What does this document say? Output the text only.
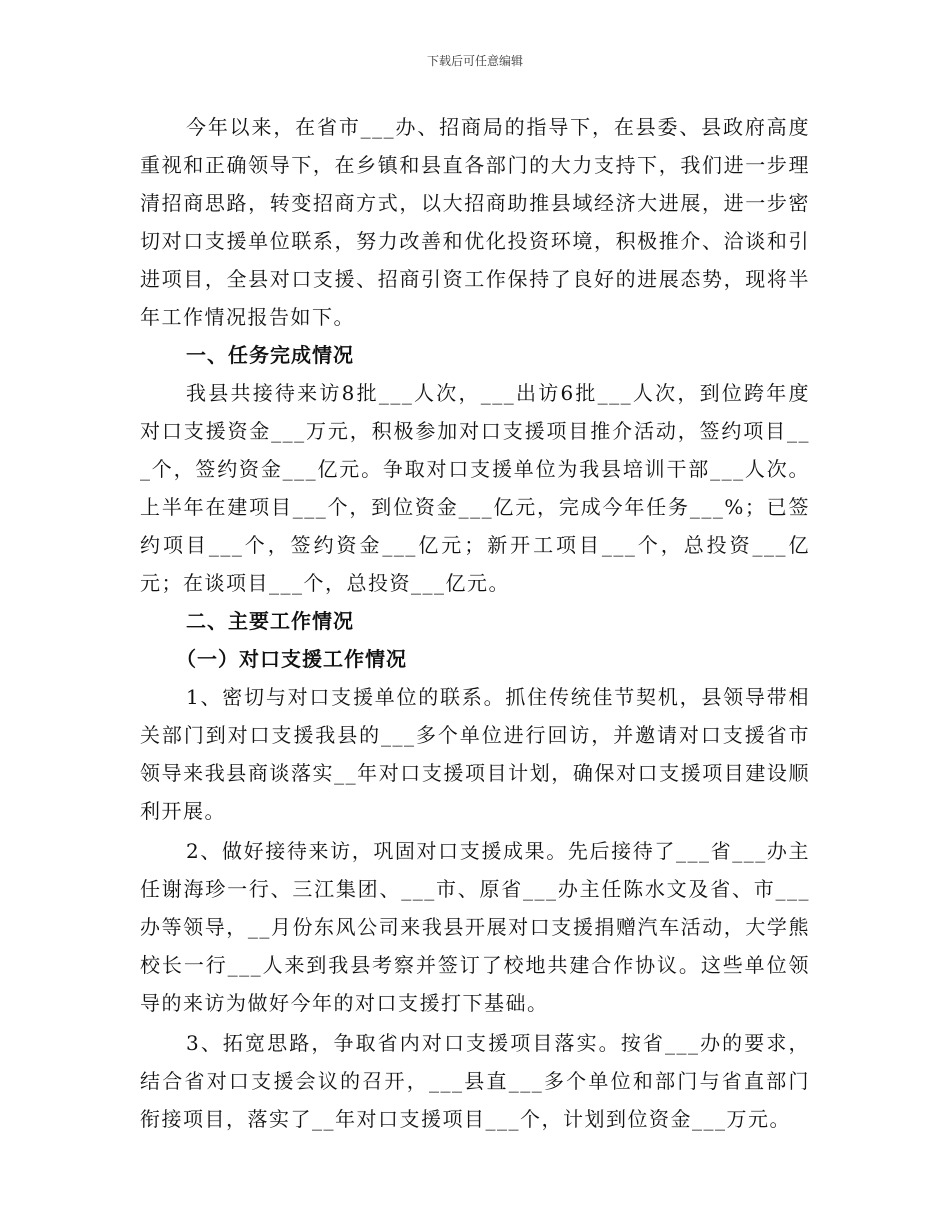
下载后可任意编辑

今年以来，在省市___办、招商局的指导下，在县委、县政府高度重视和正确领导下，在乡镇和县直各部门的大力支持下，我们进一步理清招商思路，转变招商方式，以大招商助推县域经济大进展，进一步密切对口支援单位联系，努力改善和优化投资环境，积极推介、洽谈和引进项目，全县对口支援、招商引资工作保持了良好的进展态势，现将半年工作情况报告如下。

一、任务完成情况

我县共接待来访8批___人次，___出访6批___人次，到位跨年度对口支援资金___万元，积极参加对口支援项目推介活动，签约项目___个，签约资金___亿元。争取对口支援单位为我县培训干部___人次。上半年在建项目___个，到位资金___亿元，完成今年任务___%；已签约项目___个，签约资金___亿元；新开工项目___个，总投资___亿元；在谈项目___个，总投资___亿元。

二、主要工作情况

（一）对口支援工作情况

1、密切与对口支援单位的联系。抓住传统佳节契机，县领导带相关部门到对口支援我县的___多个单位进行回访，并邀请对口支援省市领导来我县商谈落实__年对口支援项目计划，确保对口支援项目建设顺利开展。

2、做好接待来访，巩固对口支援成果。先后接待了___省___办主任谢海珍一行、三江集团、___市、原省___办主任陈水文及省、市___办等领导，__月份东风公司来我县开展对口支援捐赠汽车活动，大学熊校长一行___人来到我县考察并签订了校地共建合作协议。这些单位领导的来访为做好今年的对口支援打下基础。

3、拓宽思路，争取省内对口支援项目落实。按省___办的要求，结合省对口支援会议的召开，___县直___多个单位和部门与省直部门衔接项目，落实了__年对口支援项目___个，计划到位资金___万元。
